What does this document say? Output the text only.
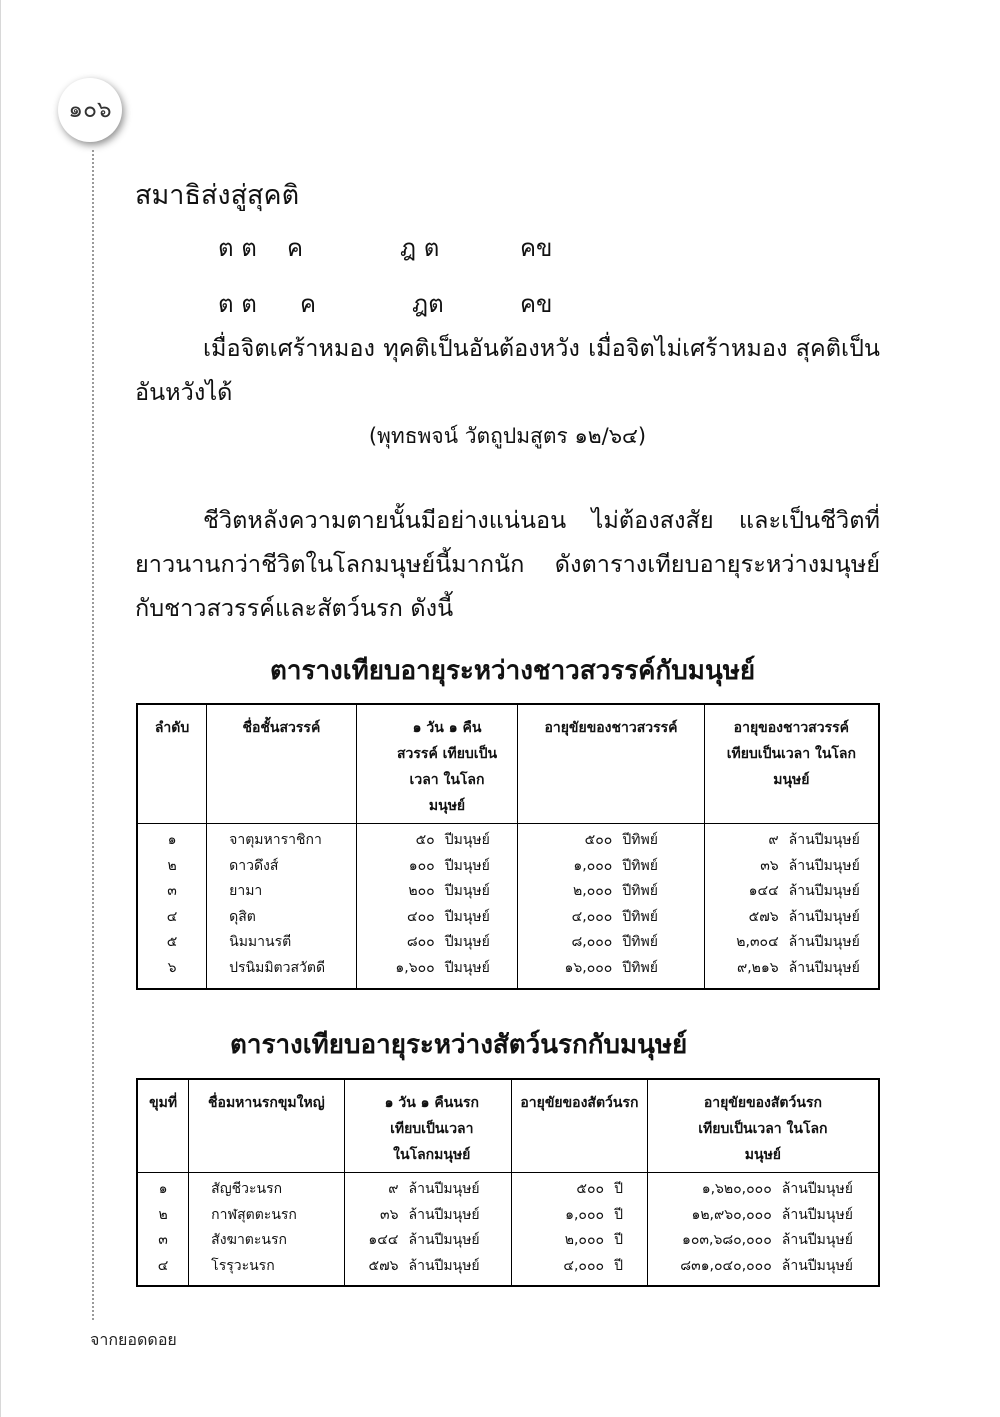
๑๐๖
สมาธิส่งสู่สุคติ
ต ต ค	ฎ ต	คข
ต ต ค	ฎต	คข
เมื่อจิตเศร้าหมอง ทุคติเป็นอันต้องหวัง เมื่อจิตไม่เศร้าหมอง สุคติเป็นอันหวังได้
(พุทธพจน์ วัตถูปมสูตร ๑๒/๖๔)
ชีวิตหลังความตายนั้นมีอย่างแน่นอน ไม่ต้องสงสัย และเป็นชีวิตที่ยาวนานกว่าชีวิตในโลกมนุษย์นี้มากนัก ดังตารางเทียบอายุระหว่างมนุษย์กับชาวสวรรค์และสัตว์นรก ดังนี้
ตารางเทียบอายุระหว่างชาวสวรรค์กับมนุษย์
ลำดับ	ชื่อชั้นสวรรค์	๑ วัน ๑ คืนสวรรค์ เทียบเป็นเวลา ในโลกมนุษย์	อายุขัยของชาวสวรรค์	อายุของชาวสวรรค์ เทียบเป็นเวลา ในโลกมนุษย์
๑	จาตุมหาราชิกา	๕๐ ปีมนุษย์	๕๐๐ ปีทิพย์	๙ ล้านปีมนุษย์
๒	ดาวดึงส์	๑๐๐ ปีมนุษย์	๑,๐๐๐ ปีทิพย์	๓๖ ล้านปีมนุษย์
๓	ยามา	๒๐๐ ปีมนุษย์	๒,๐๐๐ ปีทิพย์	๑๔๔ ล้านปีมนุษย์
๔	ดุสิต	๔๐๐ ปีมนุษย์	๔,๐๐๐ ปีทิพย์	๕๗๖ ล้านปีมนุษย์
๕	นิมมานรตี	๘๐๐ ปีมนุษย์	๘,๐๐๐ ปีทิพย์	๒,๓๐๔ ล้านปีมนุษย์
๖	ปรนิมมิตวสวัตดี	๑,๖๐๐ ปีมนุษย์	๑๖,๐๐๐ ปีทิพย์	๙,๒๑๖ ล้านปีมนุษย์
ตารางเทียบอายุระหว่างสัตว์นรกกับมนุษย์
ขุมที่	ชื่อมหานรกขุมใหญ่	๑ วัน ๑ คืนนรก เทียบเป็นเวลา ในโลกมนุษย์	อายุขัยของสัตว์นรก	อายุขัยของสัตว์นรก เทียบเป็นเวลา ในโลกมนุษย์
๑	สัญชีวะนรก	๙ ล้านปีมนุษย์	๕๐๐ ปี	๑,๖๒๐,๐๐๐ ล้านปีมนุษย์
๒	กาฬสุตตะนรก	๓๖ ล้านปีมนุษย์	๑,๐๐๐ ปี	๑๒,๙๖๐,๐๐๐ ล้านปีมนุษย์
๓	สังฆาตะนรก	๑๔๔ ล้านปีมนุษย์	๒,๐๐๐ ปี	๑๐๓,๖๘๐,๐๐๐ ล้านปีมนุษย์
๔	โรรุวะนรก	๕๗๖ ล้านปีมนุษย์	๔,๐๐๐ ปี	๘๓๑,๐๔๐,๐๐๐ ล้านปีมนุษย์
จากยอดดอย
